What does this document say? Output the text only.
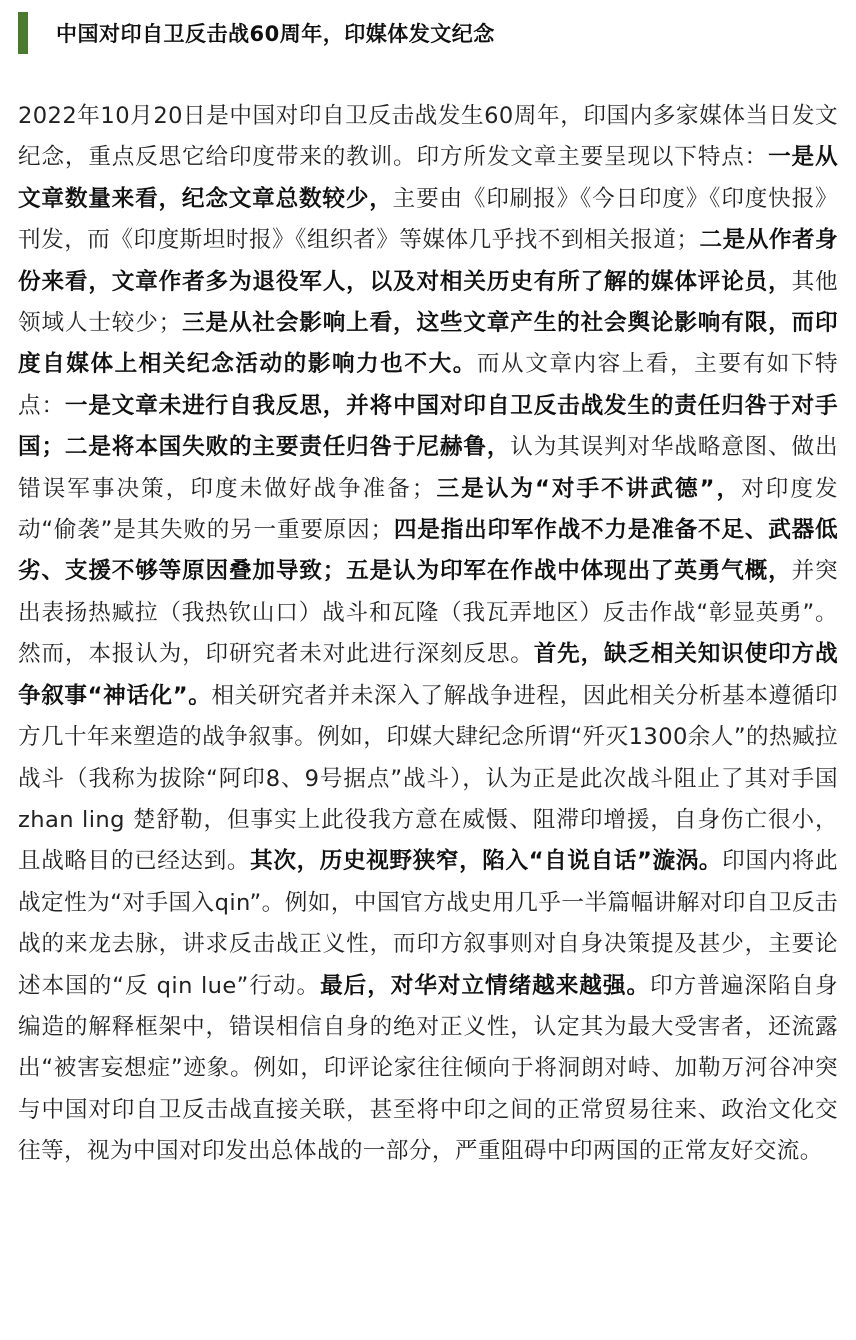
中国对印自卫反击战60周年，印媒体发文纪念

2022年10月20日是中国对印自卫反击战发生60周年，印国内多家媒体当日发文纪念，重点反思它给印度带来的教训。印方所发文章主要呈现以下特点：一是从文章数量来看，纪念文章总数较少，主要由《印刷报》《今日印度》《印度快报》刊发，而《印度斯坦时报》《组织者》等媒体几乎找不到相关报道；二是从作者身份来看，文章作者多为退役军人，以及对相关历史有所了解的媒体评论员，其他领域人士较少；三是从社会影响上看，这些文章产生的社会舆论影响有限，而印度自媒体上相关纪念活动的影响力也不大。而从文章内容上看，主要有如下特点：一是文章未进行自我反思，并将中国对印自卫反击战发生的责任归咎于对手国；二是将本国失败的主要责任归咎于尼赫鲁，认为其误判对华战略意图、做出错误军事决策，印度未做好战争准备；三是认为“对手不讲武德”，对印度发动“偷袭”是其失败的另一重要原因；四是指出印军作战不力是准备不足、武器低劣、支援不够等原因叠加导致；五是认为印军在作战中体现出了英勇气概，并突出表扬热臧拉（我热钦山口）战斗和瓦隆（我瓦弄地区）反击作战“彰显英勇”。然而，本报认为，印研究者未对此进行深刻反思。首先，缺乏相关知识使印方战争叙事“神话化”。相关研究者并未深入了解战争进程，因此相关分析基本遵循印方几十年来塑造的战争叙事。例如，印媒大肆纪念所谓“歼灭1300余人”的热臧拉战斗（我称为拔除“阿印8、9号据点”战斗），认为正是此次战斗阻止了其对手国 zhan ling 楚舒勒，但事实上此役我方意在威慑、阻滞印增援，自身伤亡很小，且战略目的已经达到。其次，历史视野狭窄，陷入“自说自话”漩涡。印国内将此战定性为“对手国入qin”。例如，中国官方战史用几乎一半篇幅讲解对印自卫反击战的来龙去脉，讲求反击战正义性，而印方叙事则对自身决策提及甚少，主要论述本国的“反 qin lue”行动。最后，对华对立情绪越来越强。印方普遍深陷自身编造的解释框架中，错误相信自身的绝对正义性，认定其为最大受害者，还流露出“被害妄想症”迹象。例如，印评论家往往倾向于将洞朗对峙、加勒万河谷冲突与中国对印自卫反击战直接关联，甚至将中印之间的正常贸易往来、政治文化交往等，视为中国对印发出总体战的一部分，严重阻碍中印两国的正常友好交流。
